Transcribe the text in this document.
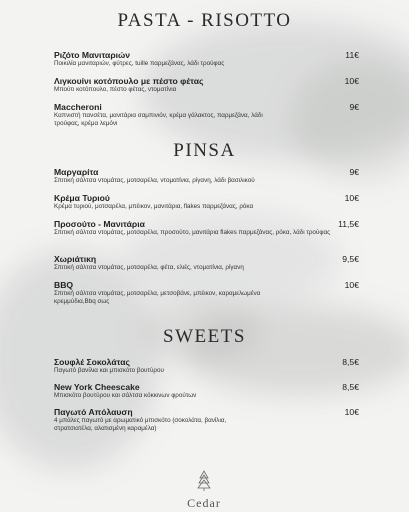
PASTA - RISOTTO
Ριζότο Μανιταριών
Ποικιλία μανιταριών, φύτρες, tuille παρμεζάνας, λάδι τρούφας
11€
Λιγκουίνι κοτόπουλο με πέστο φέτας
Μπούτι κοτόπουλο, πέστο φέτας, ντοματίνια
10€
Maccheroni
Καπνιστή πανσέτα, μανιτάρια σαμπινιόν, κρέμα γάλακτος, παρμεζάνα, λάδι τρούφας, κρέμα λεμόνι
9€
PINSA
Μαργαρίτα
Σπιτική σάλτσα ντομάτας, μοτσαρέλα, ντοματίνια, ρίγανη, λάδι βασιλικού
9€
Κρέμα Τυριού
Κρέμα τυριού, μοτσαρέλα, μπέικον, μανιτάρια, flakes παρμεζάνας, ρόκα
10€
Προσούτο - Μανιτάρια
Σπιτική σάλτσα ντομάτας, μοτσαρέλα, προσούτο, μανιτάρια flakes παρμεζάνας, ρόκα, λάδι τρούφας
11,5€
Χωριάτικη
Σπιτική σάλτσα ντομάτας, μοτσαρέλα, φέτα, ελιές, ντοματίνια, ρίγανη
9,5€
BBQ
Σπιτική σάλτσα ντομάτας, μοτσαρέλα, μετσοβάνε, μπέικον, καραμελωμένα κρεμμύδια,Bbq σως
10€
SWEETS
Σουφλέ Σοκολάτας
Παγωτό βανίλια και μπισκότο βουτύρου
8,5€
New York Cheescake
Μπισκότο βουτύρου και σάλτσα κόκκινων φρούτων
8,5€
Παγωτό Απόλαυση
4 μπάλες παγωτό με αρωματικό μπισκότο (σοκολάτα, βανίλια, στρατσιατέλα, αλατισμένη καραμέλα)
10€
Cedar
